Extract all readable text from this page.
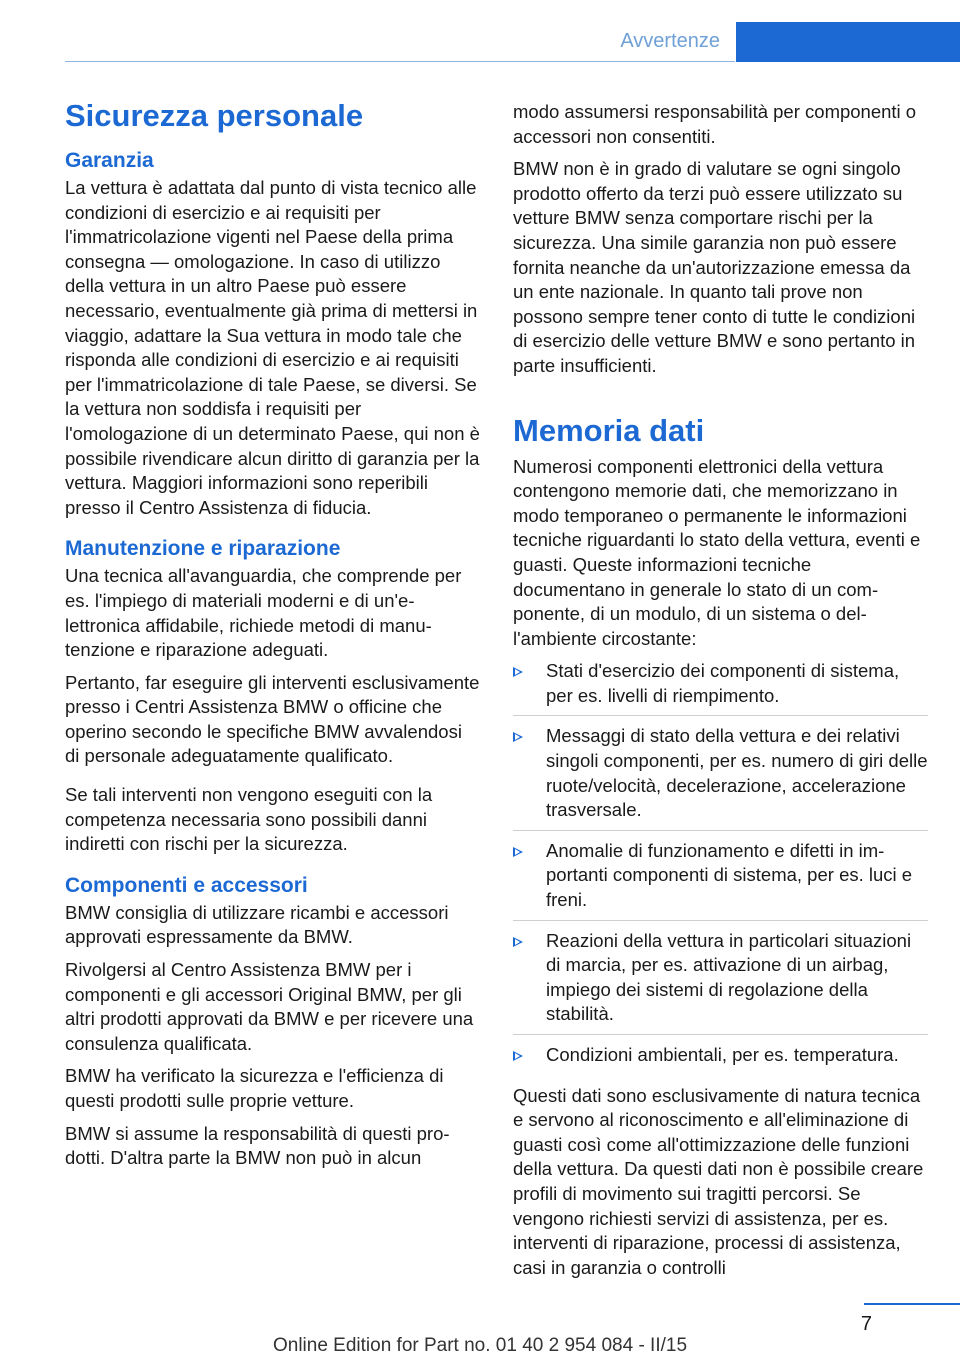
Avvertenze
Sicurezza personale
Garanzia

La vettura è adattata dal punto di vista tecnico alle condizioni di esercizio e ai requisiti per l'immatricolazione vigenti nel Paese della prima consegna — omologazione. In caso di utilizzo della vettura in un altro Paese può essere necessario, eventualmente già prima di mettersi in viaggio, adattare la Sua vettura in modo tale che risponda alle condizioni di esercizio e ai requisiti per l'immatricolazione di tale Paese, se diversi. Se la vettura non soddisfa i requisiti per l'omologazione di un determinato Paese, qui non è possibile rivendicare alcun diritto di garanzia per la vettura. Maggiori informazioni sono reperibili presso il Centro Assistenza di fiducia.

Manutenzione e riparazione

Una tecnica all'avanguardia, che comprende per es. l'impiego di materiali moderni e di un'elettronica affidabile, richiede metodi di manutenzione e riparazione adeguati.

Pertanto, far eseguire gli interventi esclusivamente presso i Centri Assistenza BMW o officine che operino secondo le specifiche BMW avvalendosi di personale adeguatamente qualificato.

Se tali interventi non vengono eseguiti con la competenza necessaria sono possibili danni indiretti con rischi per la sicurezza.

Componenti e accessori

BMW consiglia di utilizzare ricambi e accessori approvati espressamente da BMW.

Rivolgersi al Centro Assistenza BMW per i componenti e gli accessori Original BMW, per gli altri prodotti approvati da BMW e per ricevere una consulenza qualificata.

BMW ha verificato la sicurezza e l'efficienza di questi prodotti sulle proprie vetture.

BMW si assume la responsabilità di questi prodotti. D'altra parte la BMW non può in alcun

modo assumersi responsabilità per componenti o accessori non consentiti.

BMW non è in grado di valutare se ogni singolo prodotto offerto da terzi può essere utilizzato su vetture BMW senza comportare rischi per la sicurezza. Una simile garanzia non può essere fornita neanche da un'autorizzazione emessa da un ente nazionale. In quanto tali prove non possono sempre tener conto di tutte le condizioni di esercizio delle vetture BMW e sono pertanto in parte insufficienti.

Memoria dati

Numerosi componenti elettronici della vettura contengono memorie dati, che memorizzano in modo temporaneo o permanente le informazioni tecniche riguardanti lo stato della vettura, eventi e guasti. Queste informazioni tecniche documentano in generale lo stato di un componente, di un modulo, di un sistema o dell'ambiente circostante:

Stati d'esercizio dei componenti di sistema, per es. livelli di riempimento.
Messaggi di stato della vettura e dei relativi singoli componenti, per es. numero di giri delle ruote/velocità, decelerazione, accelerazione trasversale.
Anomalie di funzionamento e difetti in importanti componenti di sistema, per es. luci e freni.
Reazioni della vettura in particolari situazioni di marcia, per es. attivazione di un airbag, impiego dei sistemi di regolazione della stabilità.
Condizioni ambientali, per es. temperatura.

Questi dati sono esclusivamente di natura tecnica e servono al riconoscimento e all'eliminazione di guasti così come all'ottimizzazione delle funzioni della vettura. Da questi dati non è possibile creare profili di movimento sui tragitti percorsi. Se vengono richiesti servizi di assistenza, per es. interventi di riparazione, processi di assistenza, casi in garanzia o controlli

7
Online Edition for Part no. 01 40 2 954 084 - II/15
